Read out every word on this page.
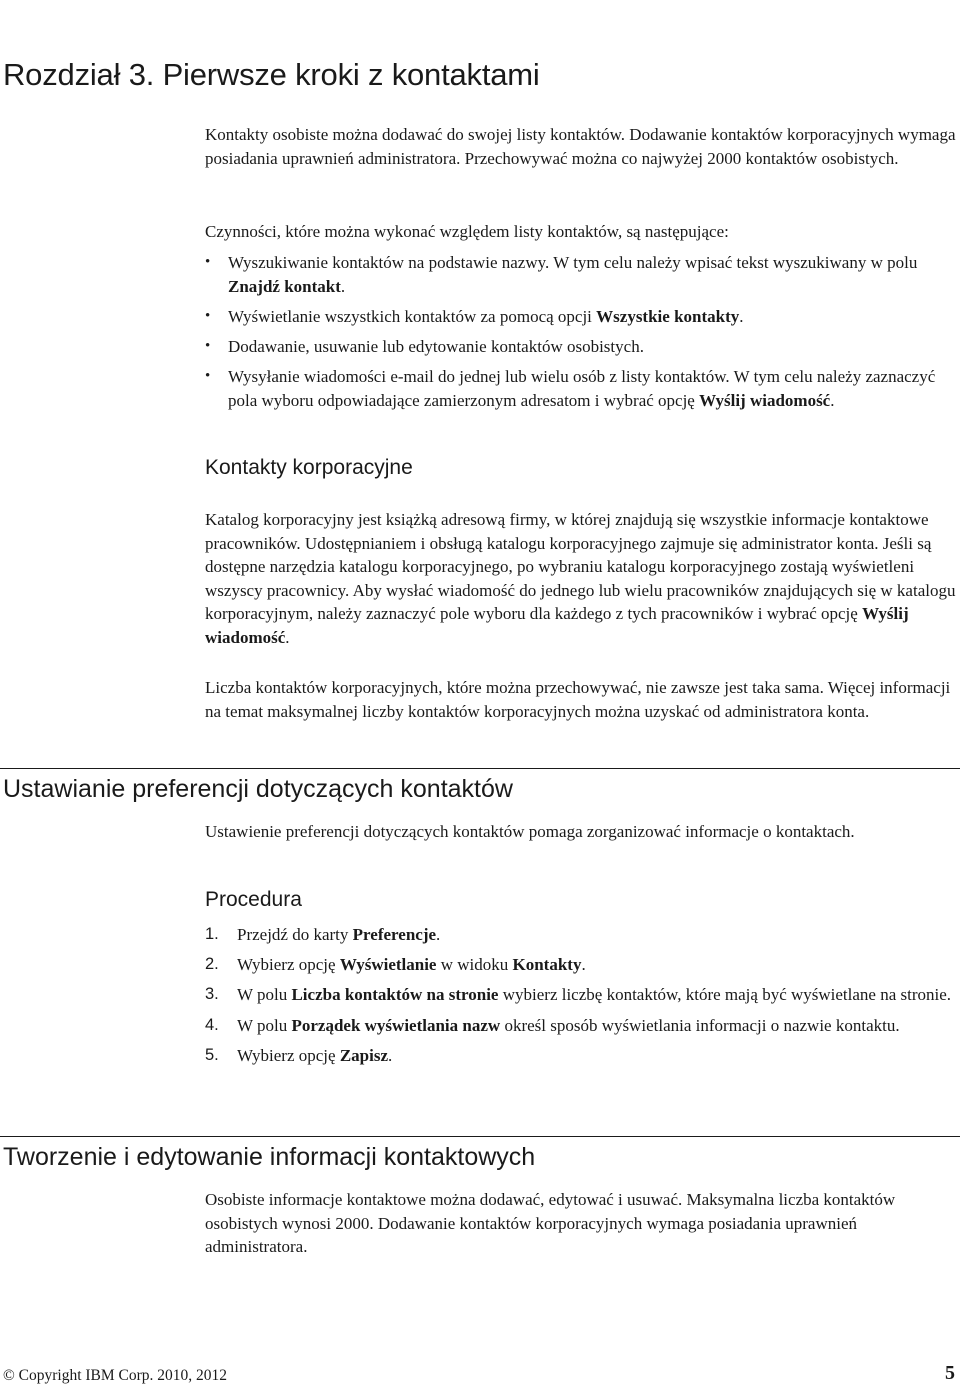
Rozdział 3. Pierwsze kroki z kontaktami

Kontakty osobiste można dodawać do swojej listy kontaktów. Dodawanie kontaktów korporacyjnych wymaga posiadania uprawnień administratora. Przechowywać można co najwyżej 2000 kontaktów osobistych.

Czynności, które można wykonać względem listy kontaktów, są następujące:

• Wyszukiwanie kontaktów na podstawie nazwy. W tym celu należy wpisać tekst wyszukiwany w polu Znajdź kontakt.
• Wyświetlanie wszystkich kontaktów za pomocą opcji Wszystkie kontakty.
• Dodawanie, usuwanie lub edytowanie kontaktów osobistych.
• Wysyłanie wiadomości e-mail do jednej lub wielu osób z listy kontaktów. W tym celu należy zaznaczyć pola wyboru odpowiadające zamierzonym adresatom i wybrać opcję Wyślij wiadomość.
Kontakty korporacyjne

Katalog korporacyjny jest książką adresową firmy, w której znajdują się wszystkie informacje kontaktowe pracowników. Udostępnianiem i obsługą katalogu korporacyjnego zajmuje się administrator konta. Jeśli są dostępne narzędzia katalogu korporacyjnego, po wybraniu katalogu korporacyjnego zostają wyświetleni wszyscy pracownicy. Aby wysłać wiadomość do jednego lub wielu pracowników znajdujących się w katalogu korporacyjnym, należy zaznaczyć pole wyboru dla każdego z tych pracowników i wybrać opcję Wyślij wiadomość.

Liczba kontaktów korporacyjnych, które można przechowywać, nie zawsze jest taka sama. Więcej informacji na temat maksymalnej liczby kontaktów korporacyjnych można uzyskać od administratora konta.

Ustawianie preferencji dotyczących kontaktów

Ustawienie preferencji dotyczących kontaktów pomaga zorganizować informacje o kontaktach.

Procedura
1. Przejdź do karty Preferencje.
2. Wybierz opcję Wyświetlanie w widoku Kontakty.
3. W polu Liczba kontaktów na stronie wybierz liczbę kontaktów, które mają być wyświetlane na stronie.
4. W polu Porządek wyświetlania nazw określ sposób wyświetlania informacji o nazwie kontaktu.
5. Wybierz opcję Zapisz.
Tworzenie i edytowanie informacji kontaktowych

Osobiste informacje kontaktowe można dodawać, edytować i usuwać. Maksymalna liczba kontaktów osobistych wynosi 2000. Dodawanie kontaktów korporacyjnych wymaga posiadania uprawnień administratora.

© Copyright IBM Corp. 2010, 2012	5
